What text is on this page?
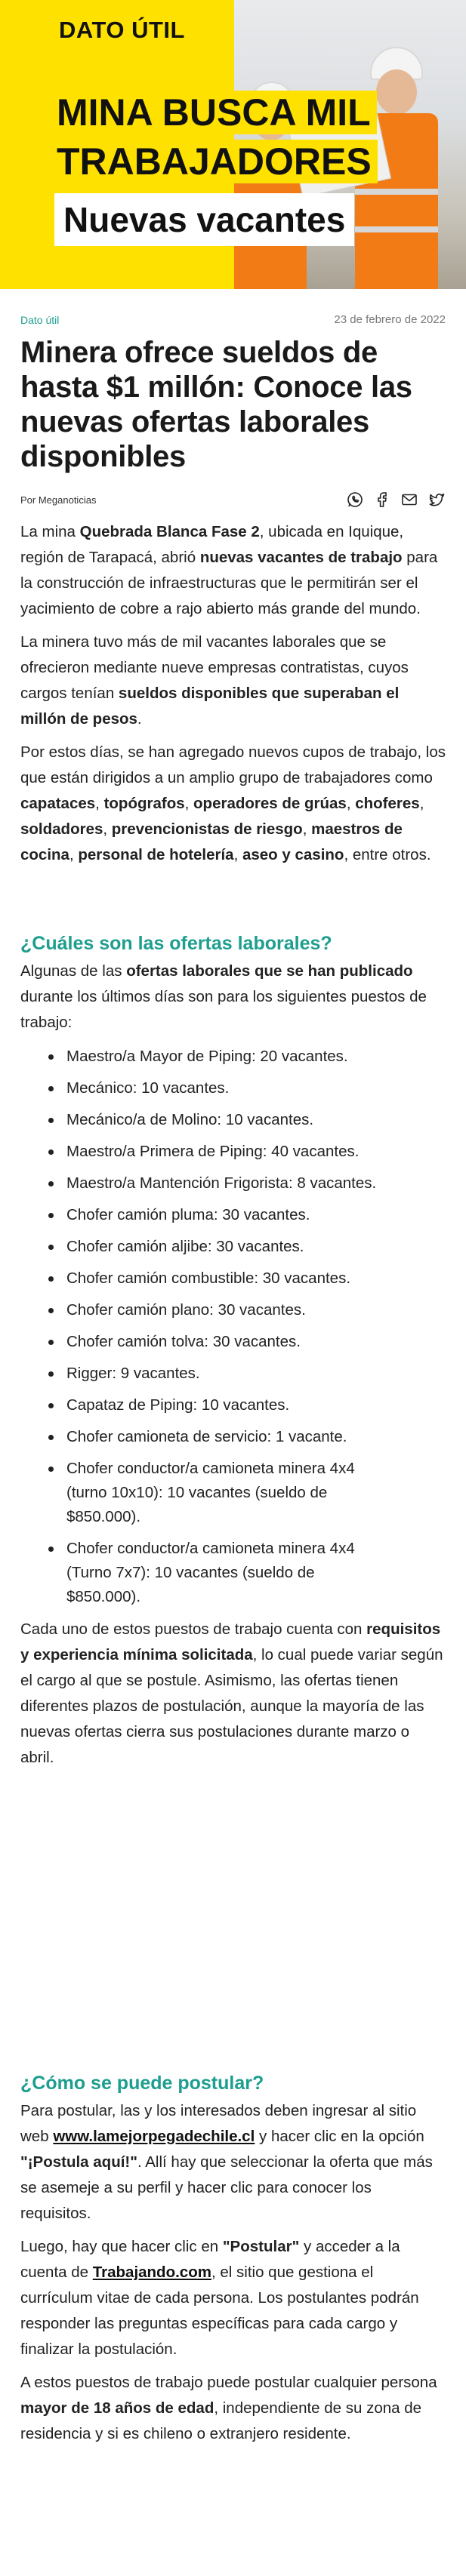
DATO ÚTIL
MINA BUSCA MIL
TRABAJADORES
Nuevas vacantes
Dato útil	23 de febrero de 2022
Minera ofrece sueldos de hasta $1 millón: Conoce las nuevas ofertas laborales disponibles
Por Meganoticias

La mina Quebrada Blanca Fase 2, ubicada en Iquique, región de Tarapacá, abrió nuevas vacantes de trabajo para la construcción de infraestructuras que le permitirán ser el yacimiento de cobre a rajo abierto más grande del mundo.

La minera tuvo más de mil vacantes laborales que se ofrecieron mediante nueve empresas contratistas, cuyos cargos tenían sueldos disponibles que superaban el millón de pesos.

Por estos días, se han agregado nuevos cupos de trabajo, los que están dirigidos a un amplio grupo de trabajadores como capataces, topógrafos, operadores de grúas, choferes, soldadores, prevencionistas de riesgo, maestros de cocina, personal de hotelería, aseo y casino, entre otros.

¿Cuáles son las ofertas laborales?

Algunas de las ofertas laborales que se han publicado durante los últimos días son para los siguientes puestos de trabajo:

Maestro/a Mayor de Piping: 20 vacantes.
Mecánico: 10 vacantes.
Mecánico/a de Molino: 10 vacantes.
Maestro/a Primera de Piping: 40 vacantes.
Maestro/a Mantención Frigorista: 8 vacantes.
Chofer camión pluma: 30 vacantes.
Chofer camión aljibe: 30 vacantes.
Chofer camión combustible: 30 vacantes.
Chofer camión plano: 30 vacantes.
Chofer camión tolva: 30 vacantes.
Rigger: 9 vacantes.
Capataz de Piping: 10 vacantes.
Chofer camioneta de servicio: 1 vacante.
Chofer conductor/a camioneta minera 4x4 (turno 10x10): 10 vacantes (sueldo de $850.000).
Chofer conductor/a camioneta minera 4x4 (Turno 7x7): 10 vacantes (sueldo de $850.000).

Cada uno de estos puestos de trabajo cuenta con requisitos y experiencia mínima solicitada, lo cual puede variar según el cargo al que se postule. Asimismo, las ofertas tienen diferentes plazos de postulación, aunque la mayoría de las nuevas ofertas cierra sus postulaciones durante marzo o abril.

¿Cómo se puede postular?

Para postular, las y los interesados deben ingresar al sitio web www.lamejorpegadechile.cl y hacer clic en la opción "¡Postula aquí!". Allí hay que seleccionar la oferta que más se asemeje a su perfil y hacer clic para conocer los requisitos.

Luego, hay que hacer clic en "Postular" y acceder a la cuenta de Trabajando.com, el sitio que gestiona el currículum vitae de cada persona. Los postulantes podrán responder las preguntas específicas para cada cargo y finalizar la postulación.

A estos puestos de trabajo puede postular cualquier persona mayor de 18 años de edad, independiente de su zona de residencia y si es chileno o extranjero residente.
